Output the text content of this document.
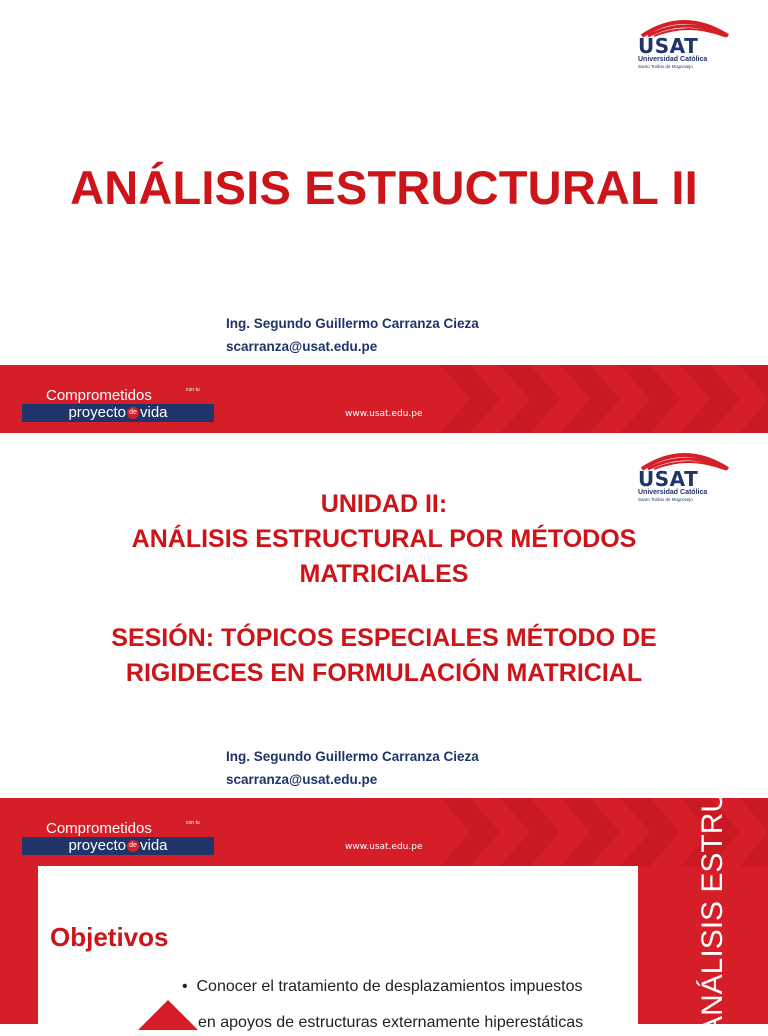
USAT
Universidad Católica
Santo Toribio de Mogrovejo
ANÁLISIS ESTRUCTURAL II
Ing. Segundo Guillermo Carranza Cieza
scarranza@usat.edu.pe
Comprometidos	con tu
proyecto de vida	www.usat.edu.pe
USAT
Universidad Católica
Santo Toribio de Mogrovejo
UNIDAD II:
ANÁLISIS ESTRUCTURAL POR MÉTODOS
MATRICIALES
SESIÓN: TÓPICOS ESPECIALES MÉTODO DE
RIGIDECES EN FORMULACIÓN MATRICIAL
Ing. Segundo Guillermo Carranza Cieza
scarranza@usat.edu.pe
Comprometidos	con tu
proyecto de vida	www.usat.edu.pe
Objetivos
•  Conocer el tratamiento de desplazamientos impuestos
en apoyos de estructuras externamente hiperestáticas	ANÁLISIS ESTRUCTURAL II
